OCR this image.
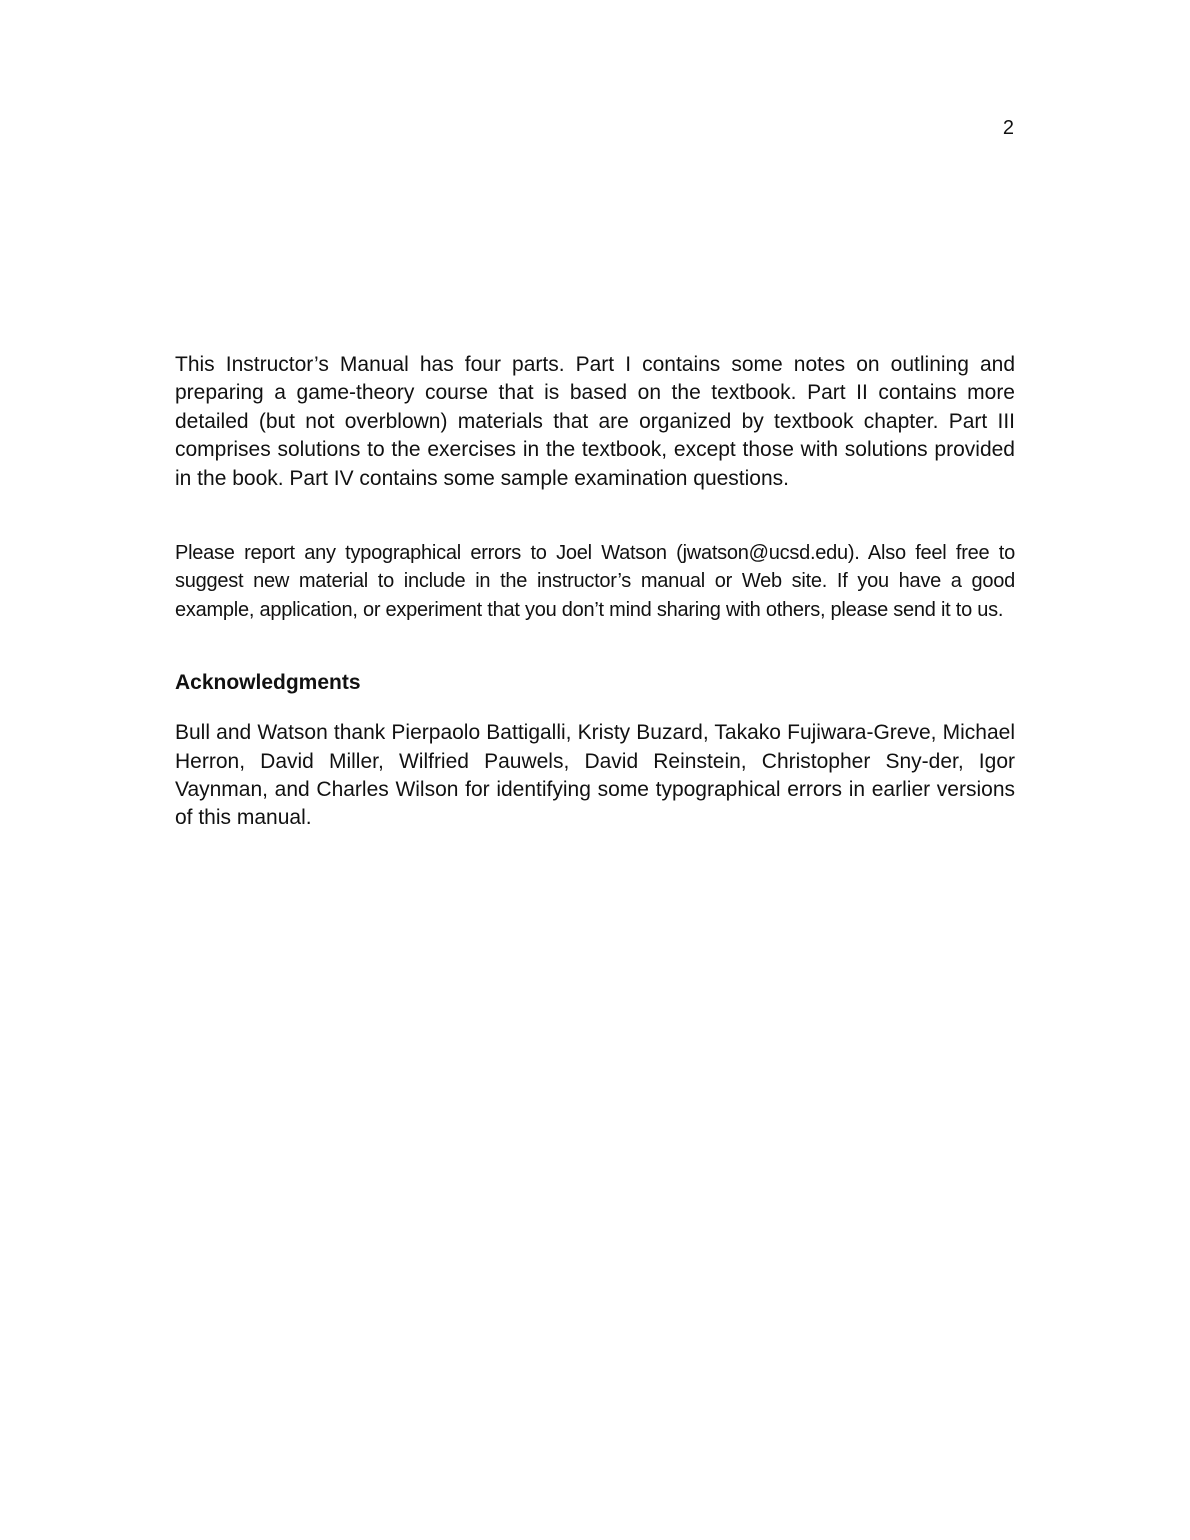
2

This Instructor’s Manual has four parts. Part I contains some notes on outlining and preparing a game-theory course that is based on the textbook. Part II contains more detailed (but not overblown) materials that are organized by textbook chapter. Part III comprises solutions to the exercises in the textbook, except those with solutions provided in the book. Part IV contains some sample examination questions.

Please report any typographical errors to Joel Watson (jwatson@ucsd.edu). Also feel free to suggest new material to include in the instructor’s manual or Web site. If you have a good example, application, or experiment that you don’t mind sharing with others, please send it to us.

Acknowledgments

Bull and Watson thank Pierpaolo Battigalli, Kristy Buzard, Takako Fujiwara-Greve, Michael Herron, David Miller, Wilfried Pauwels, David Reinstein, Christopher Sny-der, Igor Vaynman, and Charles Wilson for identifying some typographical errors in earlier versions of this manual.
